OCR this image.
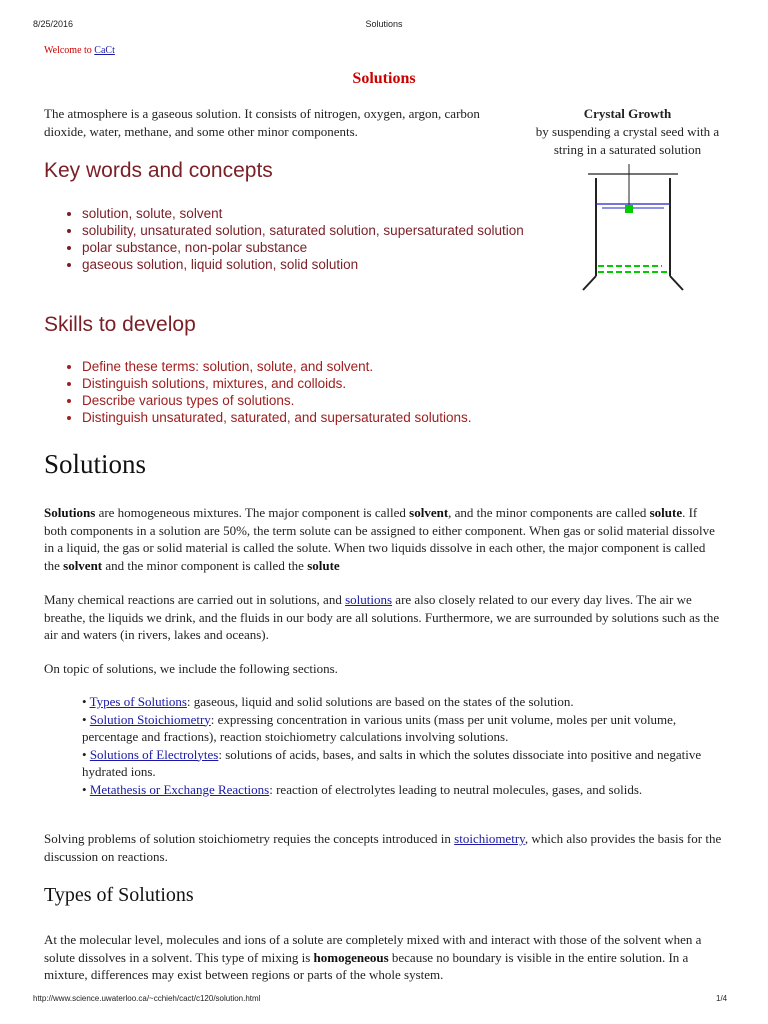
8/25/2016	Solutions
Welcome to CaCt
Solutions
The atmosphere is a gaseous solution. It consists of nitrogen, oxygen, argon, carbon dioxide, water, methane, and some other minor components.
Crystal Growth
by suspending a crystal seed with a string in a saturated solution
Key words and concepts
• solution, solute, solvent
• solubility, unsaturated solution, saturated solution, supersaturated solution
• polar substance, non-polar substance
• gaseous solution, liquid solution, solid solution
Skills to develop
• Define these terms: solution, solute, and solvent.
• Distinguish solutions, mixtures, and colloids.
• Describe various types of solutions.
• Distinguish unsaturated, saturated, and supersaturated solutions.
Solutions
Solutions are homogeneous mixtures. The major component is called solvent, and the minor components are called solute. If both components in a solution are 50%, the term solute can be assigned to either component. When gas or solid material dissolve in a liquid, the gas or solid material is called the solute. When two liquids dissolve in each other, the major component is called the solvent and the minor component is called the solute
Many chemical reactions are carried out in solutions, and solutions are also closely related to our every day lives. The air we breathe, the liquids we drink, and the fluids in our body are all solutions. Furthermore, we are surrounded by solutions such as the air and waters (in rivers, lakes and oceans).
On topic of solutions, we include the following sections.
• Types of Solutions: gaseous, liquid and solid solutions are based on the states of the solution.
• Solution Stoichiometry: expressing concentration in various units (mass per unit volume, moles per unit volume, percentage and fractions), reaction stoichiometry calculations involving solutions.
• Solutions of Electrolytes: solutions of acids, bases, and salts in which the solutes dissociate into positive and negative hydrated ions.
• Metathesis or Exchange Reactions: reaction of electrolytes leading to neutral molecules, gases, and solids.
Solving problems of solution stoichiometry requies the concepts introduced in stoichiometry, which also provides the basis for the discussion on reactions.
Types of Solutions
At the molecular level, molecules and ions of a solute are completely mixed with and interact with those of the solvent when a solute dissolves in a solvent. This type of mixing is homogeneous because no boundary is visible in the entire solution. In a mixture, differences may exist between regions or parts of the whole system.
http://www.science.uwaterloo.ca/~cchieh/cact/c120/solution.html	1/4
